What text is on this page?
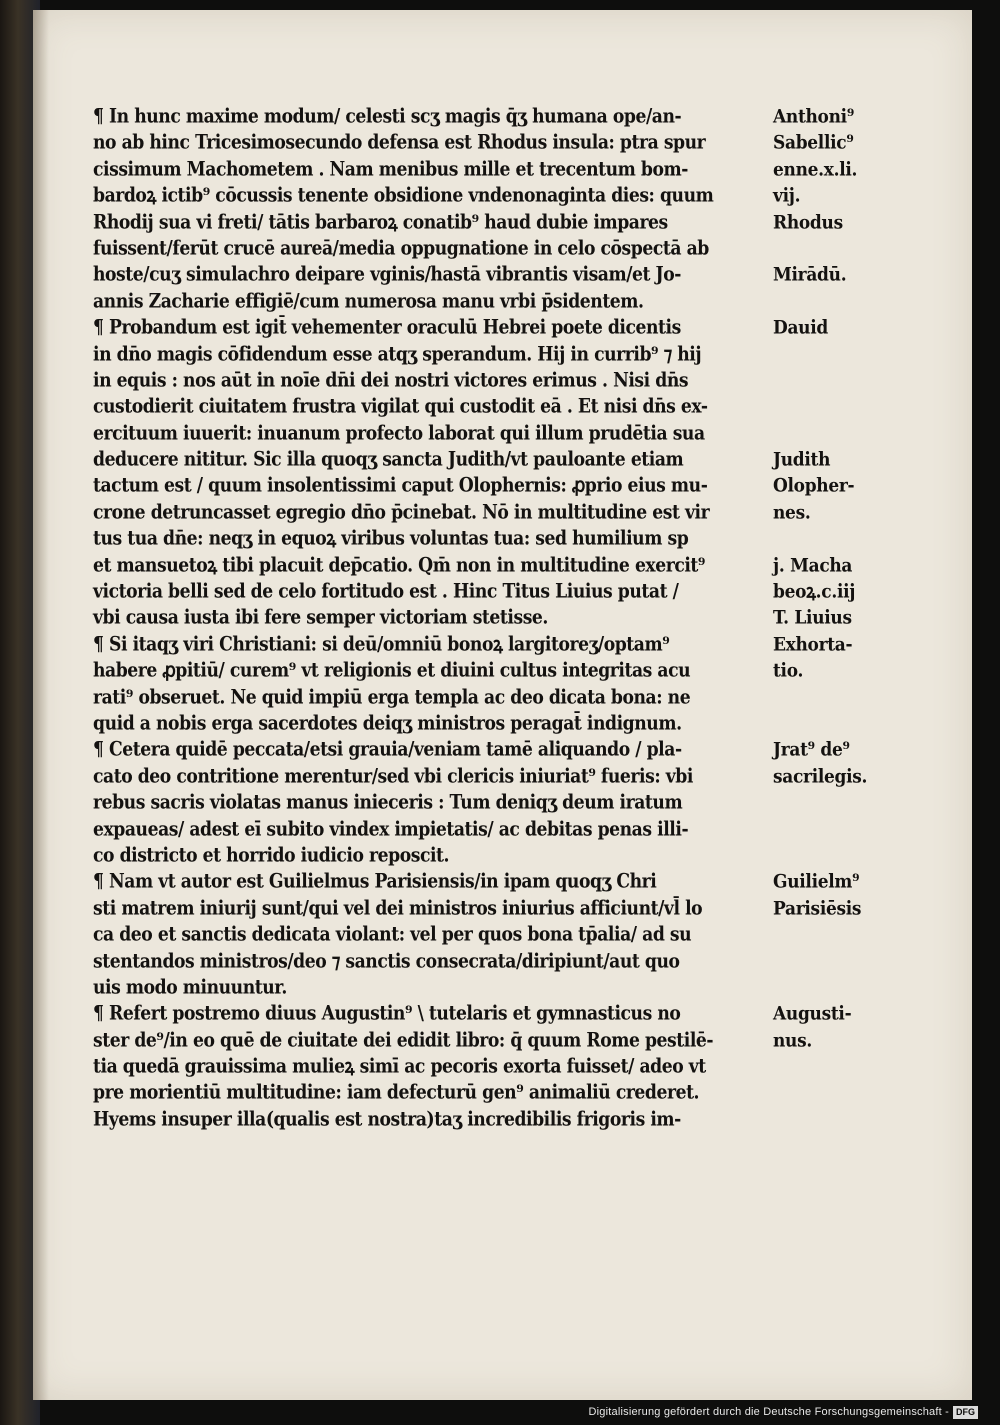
¶ In hunc maxime modum/ celesti scʒ magis q̄ʒ humana ope/an-	Anthoni⁹
no ab hinc Tricesimosecundo defensa est Rhodus insula: ptra spur	Sabellic⁹
cissimum Machometem . Nam menibus mille et trecentum bom-	enne.x.li.
bardoꝝ ictib⁹ cōcussis tenente obsidione vndenonaginta dies: quum	vij.
Rhodij sua vi freti/ tātis barbaroꝝ conatib⁹ haud dubie impares	Rhodus
fuissent/ferūt crucē aureā/media oppugnatione in celo cōspectā ab
hoste/cuʒ simulachro deipare vginis/hastā vibrantis visam/et Jo-	Mirādū.
annis Zacharie effigiē/cum numerosa manu vrbi p̄sidentem.
¶ Probandum est igit̄ vehementer oraculū Hebrei poete dicentis	Dauid
in dn̄o magis cōfidendum esse atqʒ sperandum. Hij in currib⁹ ⁊ hij
in equis : nos aūt in noīe dn̄i dei nostri victores erimus . Nisi dn̄s
custodierit ciuitatem frustra vigilat qui custodit eā . Et nisi dn̄s ex-
ercituum iuuerit: inuanum profecto laborat qui illum prudētia sua
deducere nititur. Sic illa quoqʒ sancta Judith/vt pauloante etiam	Judith
tactum est / quum insolentissimi caput Olophernis: ꝓprio eius mu-	Olopher-
crone detruncasset egregio dn̄o p̄cinebat. Nō in multitudine est vir	nes.
tus tua dn̄e: neqʒ in equoꝝ viribus voluntas tua: sed humilium sp
et mansuetoꝝ tibi placuit dep̄catio. Qm̄ non in multitudine exercit⁹	j. Macha
victoria belli sed de celo fortitudo est . Hinc Titus Liuius putat /	beoꝝ.c.iij
vbi causa iusta ibi fere semper victoriam stetisse.	T. Liuius
¶ Si itaqʒ viri Christiani: si deū/omniū bonoꝝ largitoreʒ/optam⁹	Exhorta-
habere ꝓpitiū/ curem⁹ vt religionis et diuini cultus integritas acu	tio.
rati⁹ obseruet. Ne quid impiū erga templa ac deo dicata bona: ne
quid a nobis erga sacerdotes deiqʒ ministros peragat̄ indignum.
¶ Cetera quidē peccata/etsi grauia/veniam tamē aliquando / pla-	Jrat⁹ de⁹
cato deo contritione merentur/sed vbi clericis iniuriat⁹ fueris: vbi	sacrilegis.
rebus sacris violatas manus inieceris : Tum deniqʒ deum iratum
expaueas/ adest eī subito vindex impietatis/ ac debitas penas illi-
co districto et horrido iudicio reposcit.
¶ Nam vt autor est Guilielmus Parisiensis/in ipam quoqʒ Chri	Guilielm⁹
sti matrem iniurij sunt/qui vel dei ministros iniurius afficiunt/vl̄ lo	Parisiēsis
ca deo et sanctis dedicata violant: vel per quos bona tp̄alia/ ad su
stentandos ministros/deo ⁊ sanctis consecrata/diripiunt/aut quo
uis modo minuuntur.
¶ Refert postremo diuus Augustin⁹ \ tutelaris et gymnasticus no	Augusti-
ster de⁹/in eo quē de ciuitate dei edidit libro: q̄ quum Rome pestilē-	nus.
tia quedā grauissima mulieꝝ simī ac pecoris exorta fuisset/ adeo vt
pre morientiū multitudine: iam defecturū gen⁹ animaliū crederet.
Hyems insuper illa(qualis est nostra)taʒ incredibilis frigoris im-
Digitalisierung gefördert durch die Deutsche Forschungsgemeinschaft - DFG
